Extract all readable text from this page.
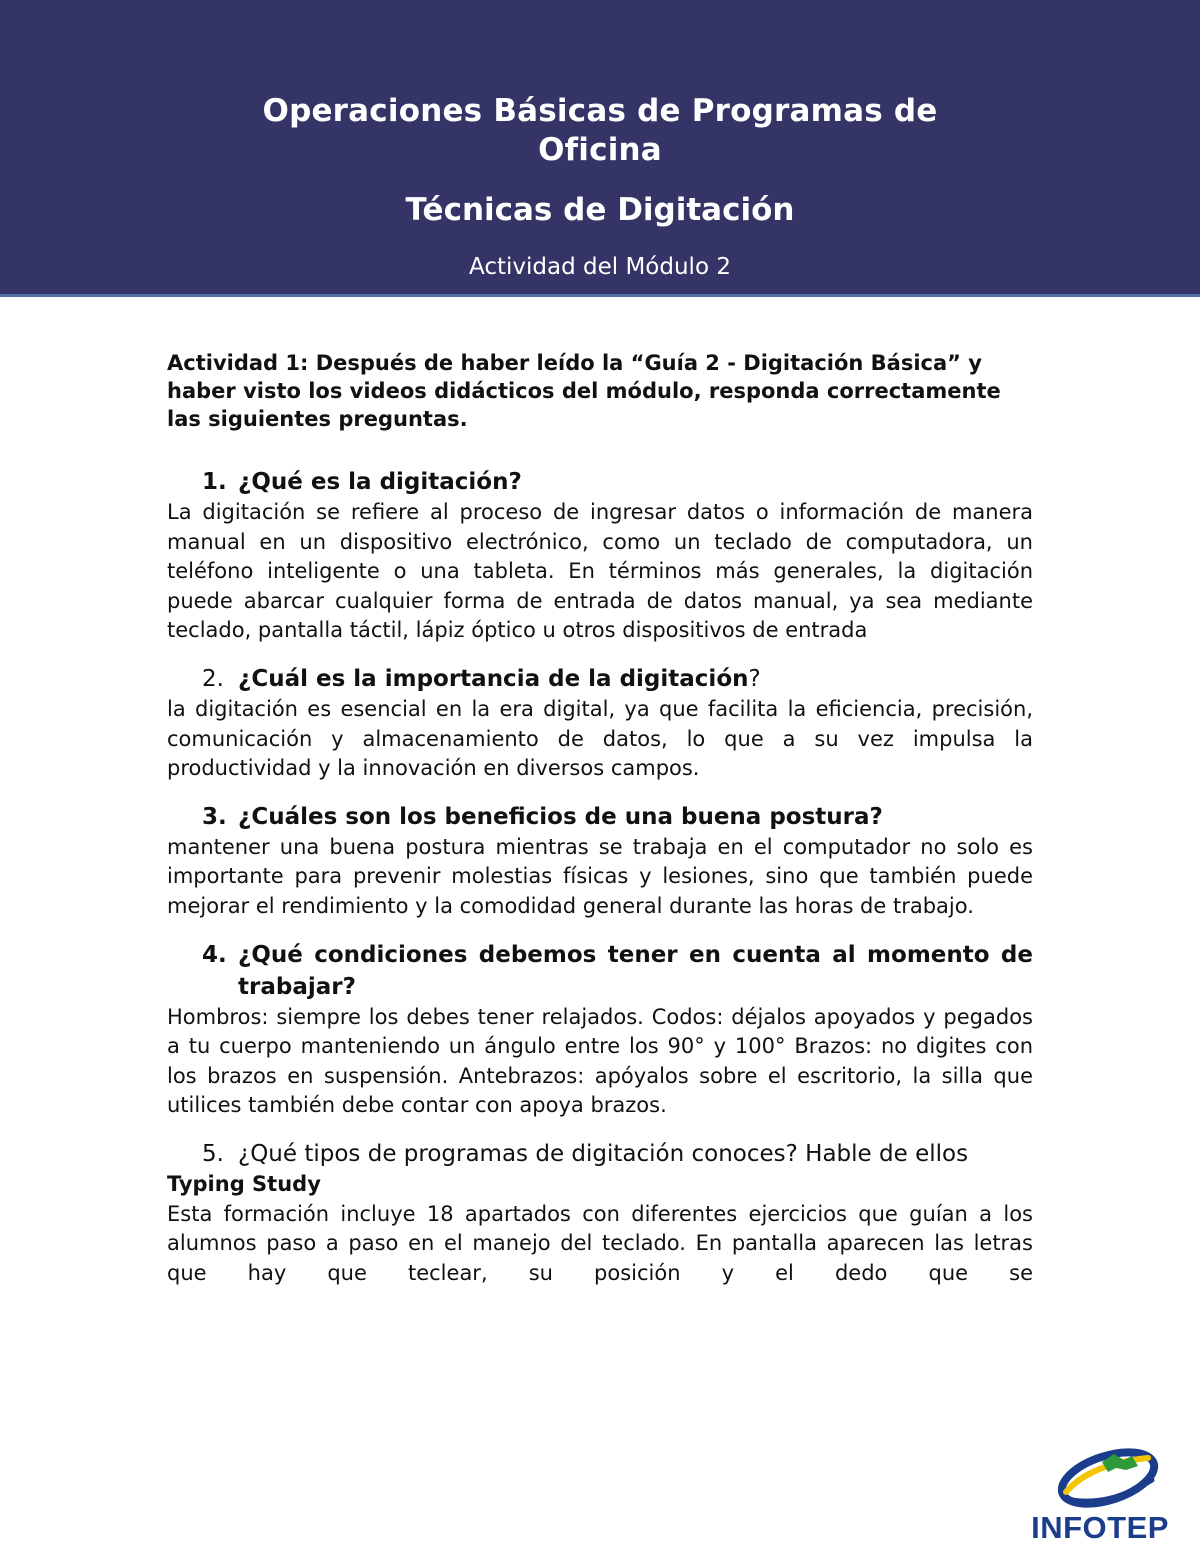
Operaciones Básicas de Programas de Oficina
Técnicas de Digitación
Actividad del Módulo 2

Actividad 1: Después de haber leído la “Guía 2 - Digitación Básica” y haber visto los videos didácticos del módulo, responda correctamente las siguientes preguntas.

1. ¿Qué es la digitación?

La digitación se refiere al proceso de ingresar datos o información de manera manual en un dispositivo electrónico, como un teclado de computadora, un teléfono inteligente o una tableta. En términos más generales, la digitación puede abarcar cualquier forma de entrada de datos manual, ya sea mediante teclado, pantalla táctil, lápiz óptico u otros dispositivos de entrada

2. ¿Cuál es la importancia de la digitación?

la digitación es esencial en la era digital, ya que facilita la eficiencia, precisión, comunicación y almacenamiento de datos, lo que a su vez impulsa la productividad y la innovación en diversos campos.

3. ¿Cuáles son los beneficios de una buena postura?

mantener una buena postura mientras se trabaja en el computador no solo es importante para prevenir molestias físicas y lesiones, sino que también puede mejorar el rendimiento y la comodidad general durante las horas de trabajo.

4. ¿Qué condiciones debemos tener en cuenta al momento de trabajar?

Hombros: siempre los debes tener relajados. Codos: déjalos apoyados y pegados a tu cuerpo manteniendo un ángulo entre los 90° y 100° Brazos: no digites con los brazos en suspensión. Antebrazos: apóyalos sobre el escritorio, la silla que utilices también debe contar con apoya brazos.

5. ¿Qué tipos de programas de digitación conoces? Hable de ellos

Typing Study

Esta formación incluye 18 apartados con diferentes ejercicios que guían a los alumnos paso a paso en el manejo del teclado. En pantalla aparecen las letras que hay que teclear, su posición y el dedo que se

INFOTEP
